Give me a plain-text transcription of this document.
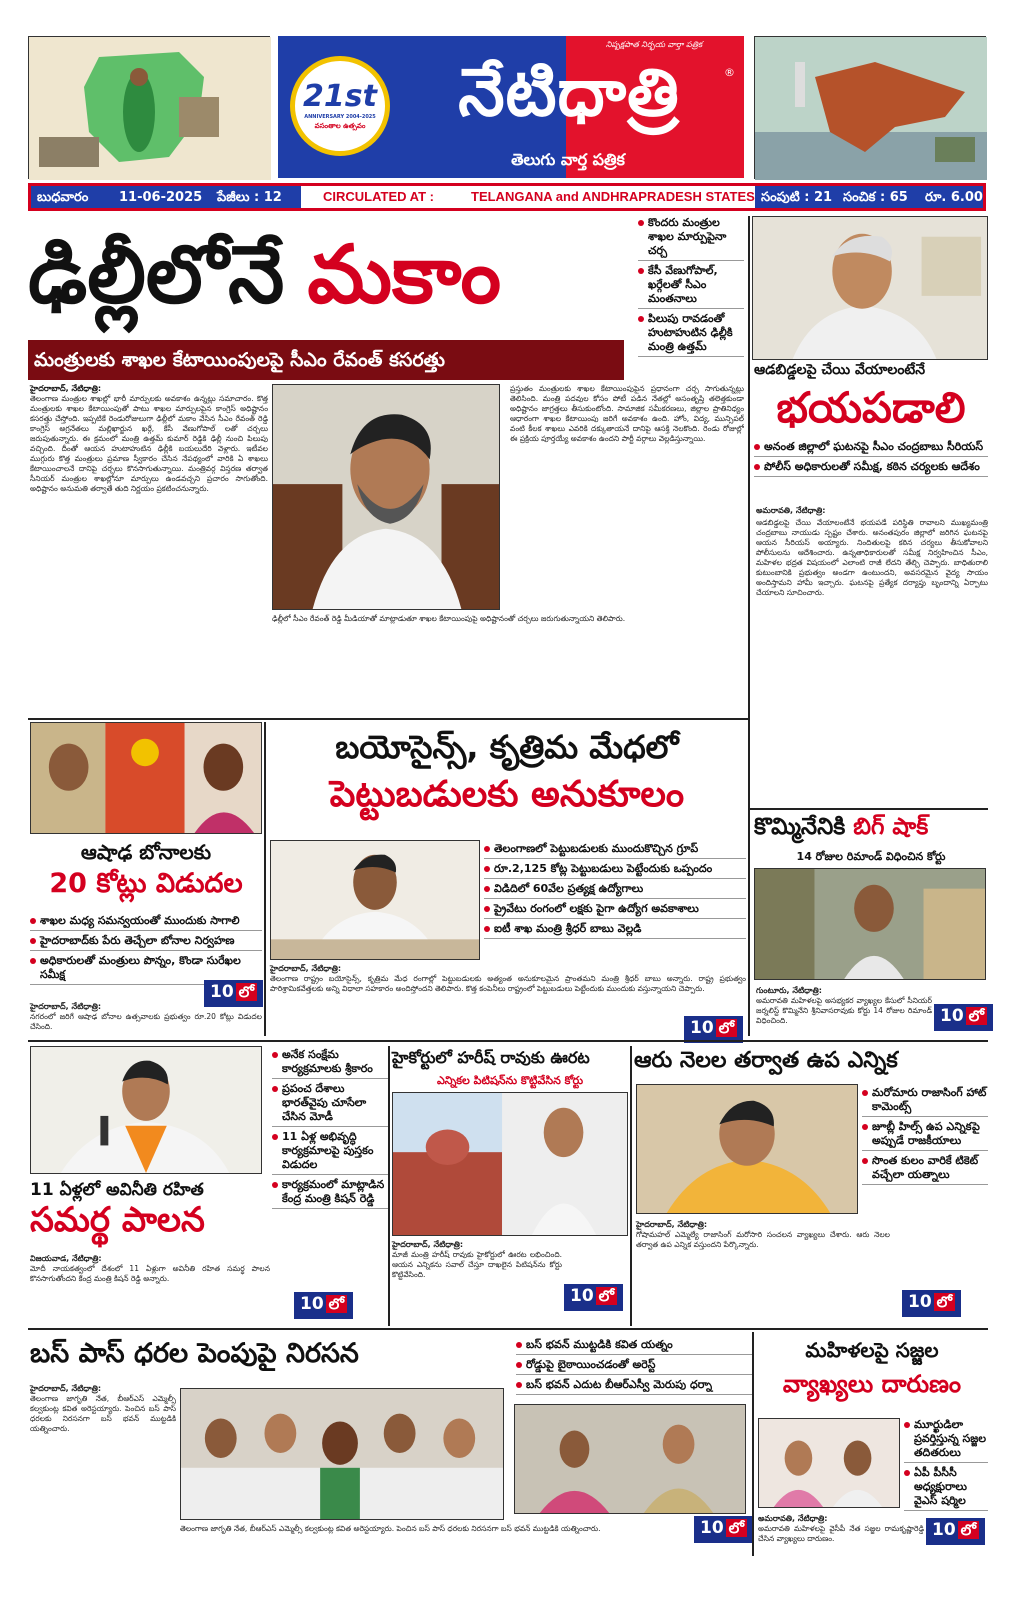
నిష్పక్షపాత నిర్భయ వార్తా పత్రిక
21st
ANNIVERSARY 2004-2025
వసంతాల ఉత్సవం	నేటిధాత్రి	®
తెలుగు వార్త పత్రిక
బుధవారం 11-06-2025 పేజీలు : 12	CIRCULATED AT :	TELANGANA and ANDHRAPRADESH STATES సంపుటి : 21 సంచిక : 65 రూ. 6.00
ఢిల్లీలోనే మకాం
కొందరు మంత్రుల శాఖల మార్పుపైనా చర్చ
కేసీ వేణుగోపాల్, ఖర్గేలతో సీఎం మంతనాలు
పిలుపు రావడంతో హుటాహుటిన ఢిల్లీకి మంత్రి ఉత్తమ్
మంత్రులకు శాఖల కేటాయింపులపై సీఎం రేవంత్ కసరత్తు
హైదరాబాద్, నేటిధాత్రి:
తెలంగాణ మంత్రుల శాఖల్లో భారీ మార్పులకు అవకాశం ఉన్నట్లు సమాచారం. కొత్త మంత్రులకు శాఖల కేటాయింపుతో పాటు శాఖల మార్పులపైన కాంగ్రెస్ అధిష్టానం కసరత్తు చేస్తోంది. ఇప్పటికే రెండురోజులుగా ఢిల్లీలో మకాం వేసిన సీఎం రేవంత్ రెడ్డి కాంగ్రెస్ అగ్రనేతలు మల్లిఖార్జున ఖర్గే, కేసీ వేణుగోపాల్ లతో చర్చలు జరుపుతున్నారు. ఈ క్రమంలో మంత్రి ఉత్తమ్ కుమార్ రెడ్డికి ఢిల్లీ నుంచి పిలుపు వచ్చింది. దీంతో ఆయన హుటాహుటిన ఢిల్లీకి బయలుదేరి వెళ్లారు. ఇటీవల ముగ్గురు కొత్త మంత్రులు ప్రమాణ స్వీకారం చేసిన నేపథ్యంలో వారికి ఏ శాఖలు కేటాయించాలనే దానిపై చర్చలు కొనసాగుతున్నాయి. మంత్రివర్గ విస్తరణ తర్వాత సీనియర్ మంత్రుల శాఖల్లోనూ మార్పులు ఉండవచ్చని ప్రచారం సాగుతోంది. అధిష్టానం అనుమతి తర్వాతే తుది నిర్ణయం ప్రకటించనున్నారు.
ప్రస్తుతం మంత్రులకు శాఖల కేటాయింపుపైన ప్రధానంగా చర్చ సాగుతున్నట్లు తెలిసింది. మంత్రి పదవుల కోసం పోటీ పడిన నేతల్లో అసంతృప్తి తలెత్తకుండా అధిష్టానం జాగ్రత్తలు తీసుకుంటోంది. సామాజిక సమీకరణలు, జిల్లాల ప్రాతినిధ్యం ఆధారంగా శాఖల కేటాయింపు జరిగే అవకాశం ఉంది. హోం, విద్య, మున్సిపల్ వంటి కీలక శాఖలు ఎవరికి దక్కుతాయనే దానిపై ఆసక్తి నెలకొంది. రెండు రోజుల్లో ఈ ప్రక్రియ పూర్తయ్యే అవకాశం ఉందని పార్టీ వర్గాలు వెల్లడిస్తున్నాయి.
ఢిల్లీలో సీఎం రేవంత్ రెడ్డి మీడియాతో మాట్లాడుతూ శాఖల కేటాయింపుపై అధిష్టానంతో చర్చలు జరుగుతున్నాయని తెలిపారు.
ఆడబిడ్డలపై చేయి వేయాలంటేనే
భయపడాలి
అనంత జిల్లాలో ఘటనపై సీఎం చంద్రబాబు సీరియస్
పోలీస్ అధికారులతో సమీక్ష, కఠిన చర్యలకు ఆదేశం
అమరావతి, నేటిధాత్రి:
ఆడబిడ్డలపై చేయి వేయాలంటేనే భయపడే పరిస్థితి రావాలని ముఖ్యమంత్రి చంద్రబాబు నాయుడు స్పష్టం చేశారు. అనంతపురం జిల్లాలో జరిగిన ఘటనపై ఆయన సీరియస్ అయ్యారు. నిందితులపై కఠిన చర్యలు తీసుకోవాలని పోలీసులను ఆదేశించారు. ఉన్నతాధికారులతో సమీక్ష నిర్వహించిన సీఎం, మహిళల భద్రత విషయంలో ఎలాంటి రాజీ లేదని తేల్చి చెప్పారు. బాధితురాలి కుటుంబానికి ప్రభుత్వం అండగా ఉంటుందని, అవసరమైన వైద్య సాయం అందిస్తామని హామీ ఇచ్చారు. ఘటనపై ప్రత్యేక దర్యాప్తు బృందాన్ని ఏర్పాటు చేయాలని సూచించారు.
ఆషాఢ బోనాలకు
20 కోట్లు విడుదల
శాఖల మధ్య సమన్వయంతో ముందుకు సాగాలి
హైదరాబాద్‌కు పేరు తెచ్చేలా బోనాల నిర్వహణ
అధికారులతో మంత్రులు పొన్నం, కొండా సురేఖల సమీక్ష
10 లో
హైదరాబాద్, నేటిధాత్రి:
నగరంలో జరిగే ఆషాఢ బోనాల ఉత్సవాలకు ప్రభుత్వం రూ.20 కోట్లు విడుదల చేసింది.
బయోసైన్స్, కృత్రిమ మేధలో
పెట్టుబడులకు అనుకూలం
తెలంగాణలో పెట్టుబడులకు ముందుకొచ్చిన గ్రూప్
రూ.2,125 కోట్ల పెట్టుబడులు పెట్టేందుకు ఒప్పందం
విడిదిలో 60వేల ప్రత్యక్ష ఉద్యోగాలు
ప్రైవేటు రంగంలో లక్షకు పైగా ఉద్యోగ అవకాశాలు
ఐటీ శాఖ మంత్రి శ్రీధర్ బాబు వెల్లడి
హైదరాబాద్, నేటిధాత్రి:
తెలంగాణ రాష్ట్రం బయోసైన్స్, కృత్రిమ మేధ రంగాల్లో పెట్టుబడులకు అత్యంత అనుకూలమైన ప్రాంతమని మంత్రి శ్రీధర్ బాబు అన్నారు. రాష్ట్ర ప్రభుత్వం పారిశ్రామికవేత్తలకు అన్ని విధాలా సహకారం అందిస్తోందని తెలిపారు. కొత్త కంపెనీలు రాష్ట్రంలో పెట్టుబడులు పెట్టేందుకు ముందుకు వస్తున్నాయని చెప్పారు.
10 లో
కొమ్మినేనికి బిగ్ షాక్
14 రోజుల రిమాండ్ విధించిన కోర్టు
గుంటూరు, నేటిధాత్రి:
అమరావతి మహిళలపై అసభ్యకర వ్యాఖ్యల కేసులో సీనియర్ జర్నలిస్ట్ కొమ్మినేని శ్రీనివాసరావుకు కోర్టు 14 రోజుల రిమాండ్ విధించింది.	10 లో
అనేక సంక్షేమ కార్యక్రమాలకు శ్రీకారం
ప్రపంచ దేశాలు భారత్‌వైపు చూసేలా చేసిన మోడీ
11 ఏళ్ల అభివృద్ధి కార్యక్రమాలపై పుస్తకం విడుదల
కార్యక్రమంలో మాట్లాడిన కేంద్ర మంత్రి కిషన్ రెడ్డి
11 ఏళ్లలో అవినీతి రహిత
సమర్థ పాలన
విజయవాడ, నేటిధాత్రి:
మోదీ నాయకత్వంలో దేశంలో 11 ఏళ్లుగా అవినీతి రహిత సమర్థ పాలన కొనసాగుతోందని కేంద్ర మంత్రి కిషన్ రెడ్డి అన్నారు.
10 లో
హైకోర్టులో హరీష్ రావుకు ఊరట
ఎన్నికల పిటిషన్‌ను కొట్టివేసిన కోర్టు
హైదరాబాద్, నేటిధాత్రి:
మాజీ మంత్రి హరీష్ రావుకు హైకోర్టులో ఊరట లభించింది. ఆయన ఎన్నికను సవాల్ చేస్తూ దాఖలైన పిటిషన్‌ను కోర్టు కొట్టివేసింది.
10 లో
ఆరు నెలల తర్వాత ఉప ఎన్నిక
మరోమారు రాజాసింగ్ హాట్ కామెంట్స్
జూబ్లీ హిల్స్ ఉప ఎన్నికపై అప్పుడే రాజకీయాలు
సొంత కులం వారికే టికెట్ వచ్చేలా యత్నాలు
హైదరాబాద్, నేటిధాత్రి:
గోషామహల్ ఎమ్మెల్యే రాజాసింగ్ మరోసారి సంచలన వ్యాఖ్యలు చేశారు. ఆరు నెలల తర్వాత ఉప ఎన్నిక వస్తుందని పేర్కొన్నారు.
10 లో
బస్ పాస్ ధరల పెంపుపై నిరసన	బస్ భవన్ ముట్టడికి కవిత యత్నం
రోడ్డుపై బైఠాయించడంతో అరెస్ట్
బస్ భవన్ ఎదుట బీఆర్‌ఎస్వీ మెరుపు ధర్నా
హైదరాబాద్, నేటిధాత్రి:
తెలంగాణ జాగృతి నేత, బీఆర్‌ఎస్ ఎమ్మెల్సీ కల్వకుంట్ల కవిత అరెస్టయ్యారు. పెంచిన బస్ పాస్ ధరలకు నిరసనగా బస్ భవన్ ముట్టడికి యత్నించారు.
తెలంగాణ జాగృతి నేత, బీఆర్‌ఎస్ ఎమ్మెల్సీ కల్వకుంట్ల కవిత అరెస్టయ్యారు. పెంచిన బస్ పాస్ ధరలకు నిరసనగా బస్ భవన్ ముట్టడికి యత్నించారు.	10 లో
మహిళలపై సజ్జల
వ్యాఖ్యలు దారుణం
మూర్ఖుడిలా ప్రవర్తిస్తున్న సజ్జల తదితరులు
ఏపీ పీసీసీ అధ్యక్షురాలు వైఎస్ షర్మిల
అమరావతి, నేటిధాత్రి:
అమరావతి మహిళలపై వైసీపీ నేత సజ్జల రామకృష్ణారెడ్డి చేసిన వ్యాఖ్యలు దారుణం.	10 లో
